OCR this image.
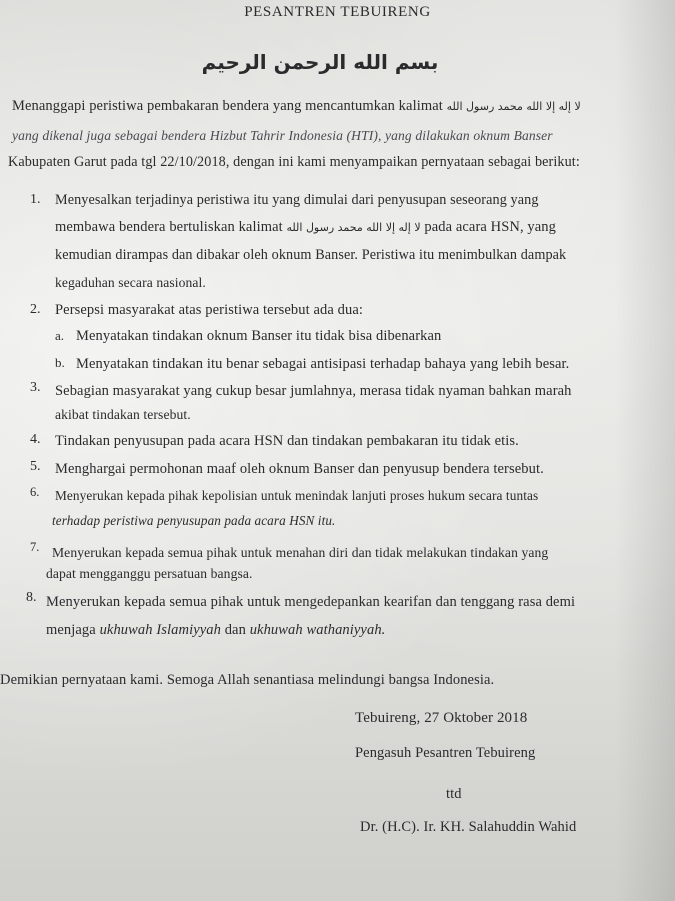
PESANTREN TEBUIRENG
بسم الله الرحمن الرحيم
Menanggapi peristiwa pembakaran bendera yang mencantumkan kalimat لا إله إلا الله محمد رسول الله
yang dikenal juga sebagai bendera Hizbut Tahrir Indonesia (HTI), yang dilakukan oknum Banser
Kabupaten Garut pada tgl 22/10/2018, dengan ini kami menyampaikan pernyataan sebagai berikut:
1. Menyesalkan terjadinya peristiwa itu yang dimulai dari penyusupan seseorang yang
membawa bendera bertuliskan kalimat لا إله إلا الله محمد رسول الله pada acara HSN, yang
kemudian dirampas dan dibakar oleh oknum Banser. Peristiwa itu menimbulkan dampak
kegaduhan secara nasional.
2. Persepsi masyarakat atas peristiwa tersebut ada dua:
a. Menyatakan tindakan oknum Banser itu tidak bisa dibenarkan
b. Menyatakan tindakan itu benar sebagai antisipasi terhadap bahaya yang lebih besar.
3. Sebagian masyarakat yang cukup besar jumlahnya, merasa tidak nyaman bahkan marah
akibat tindakan tersebut.
4. Tindakan penyusupan pada acara HSN dan tindakan pembakaran itu tidak etis.
5. Menghargai permohonan maaf oleh oknum Banser dan penyusup bendera tersebut.
6. Menyerukan kepada pihak kepolisian untuk menindak lanjuti proses hukum secara tuntas
terhadap peristiwa penyusupan pada acara HSN itu.
7. Menyerukan kepada semua pihak untuk menahan diri dan tidak melakukan tindakan yang
dapat mengganggu persatuan bangsa.
8. Menyerukan kepada semua pihak untuk mengedepankan kearifan dan tenggang rasa demi
menjaga ukhuwah Islamiyyah dan ukhuwah wathaniyyah.
Demikian pernyataan kami. Semoga Allah senantiasa melindungi bangsa Indonesia.
Tebuireng, 27 Oktober 2018
Pengasuh Pesantren Tebuireng
ttd
Dr. (H.C). Ir. KH. Salahuddin Wahid
